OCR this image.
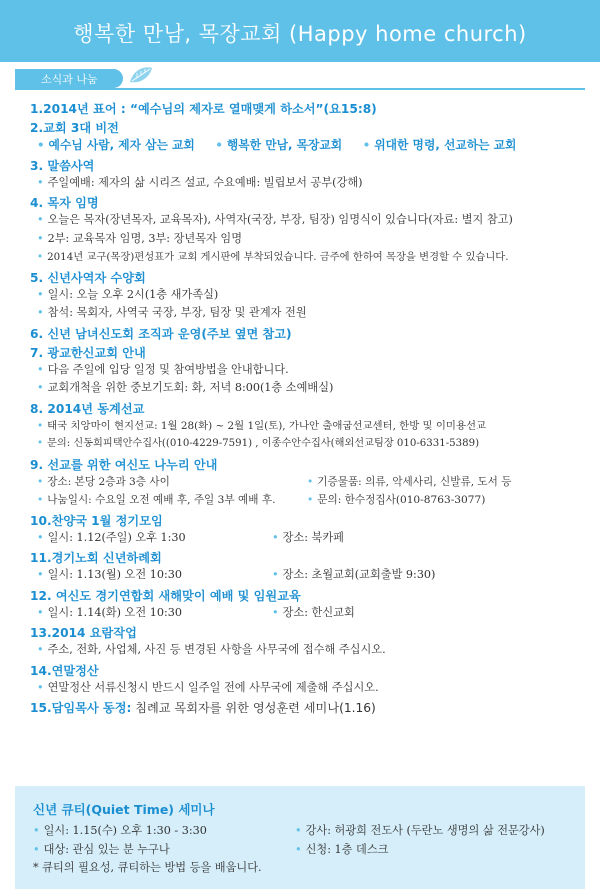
행복한 만남, 목장교회 (Happy home church)
소식과 나눔
1.2014년 표어 : “예수님의 제자로 열매맺게 하소서”(요15:8)
2.교회 3대 비전
• 예수님 사람, 제자 삼는 교회 • 행복한 만남, 목장교회 • 위대한 명령, 선교하는 교회
3. 말씀사역
• 주일예배: 제자의 삶 시리즈 설교, 수요예배: 빌립보서 공부(강해)
4. 목자 임명
• 오늘은 목자(장년목자, 교육목자), 사역자(국장, 부장, 팀장) 임명식이 있습니다(자료: 별지 참고)
• 2부: 교육목자 임명, 3부: 장년목자 임명
• 2014년 교구(목장)편성표가 교회 게시판에 부착되었습니다. 금주에 한하여 목장을 변경할 수 있습니다.
5. 신년사역자 수양회
• 일시: 오늘 오후 2시(1층 새가족실)
• 참석: 목회자, 사역국 국장, 부장, 팀장 및 관계자 전원
6. 신년 남녀신도회 조직과 운영(주보 옆면 참고)
7. 광교한신교회 안내
• 다음 주일에 입당 일정 및 참여방법을 안내합니다.
• 교회개척을 위한 중보기도회: 화, 저녁 8:00(1층 소예배실)
8. 2014년 동계선교
• 태국 치앙마이 현지선교: 1월 28(화) ~ 2월 1일(토), 가나안 출애굽선교센터, 한방 및 이미용선교
• 문의: 신동희피택안수집사((010-4229-7591) , 이종수안수집사(해외선교팀장 010-6331-5389)
9. 선교를 위한 여신도 나누리 안내
• 장소: 본당 2층과 3층 사이	• 기증물품: 의류, 악세사리, 신발류, 도서 등
• 나눔일시: 수요일 오전 예배 후, 주일 3부 예배 후.	• 문의: 한수정집사(010-8763-3077)
10.찬양국 1월 정기모임
• 일시: 1.12(주일) 오후 1:30	• 장소: 북카페
11.경기노회 신년하례회
• 일시: 1.13(월) 오전 10:30	• 장소: 초월교회(교회출발 9:30)
12. 여신도 경기연합회 새해맞이 예배 및 임원교육
• 일시: 1.14(화) 오전 10:30	• 장소: 한신교회
13.2014 요람작업
• 주소, 전화, 사업체, 사진 등 변경된 사항을 사무국에 접수해 주십시오.
14.연말정산
• 연말정산 서류신청시 반드시 일주일 전에 사무국에 제출해 주십시오.
15.담임목사 동정: 침례교 목회자를 위한 영성훈련 세미나(1.16)
신년 큐티(Quiet Time) 세미나
• 일시: 1.15(수) 오후 1:30 - 3:30	• 강사: 허광희 전도사 (두란노 생명의 삶 전문강사)
• 대상: 관심 있는 분 누구나	• 신청: 1층 데스크
* 큐티의 필요성, 큐티하는 방법 등을 배웁니다.
